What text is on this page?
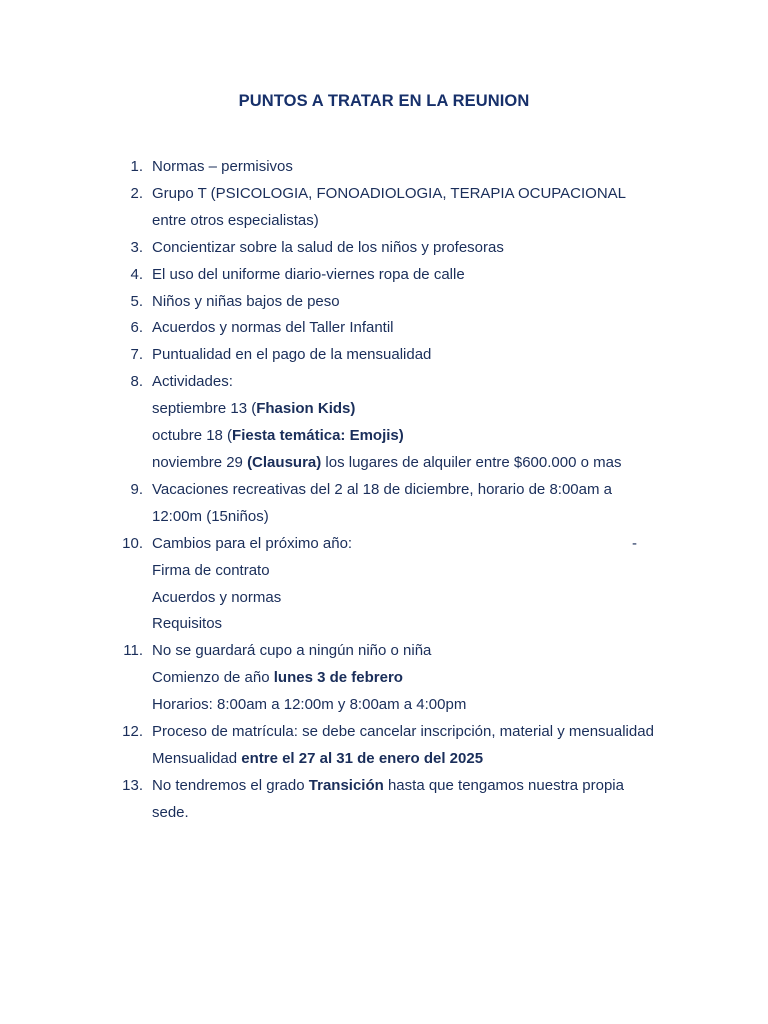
PUNTOS A TRATAR EN LA REUNION
1. Normas – permisivos
2. Grupo T (PSICOLOGIA, FONOADIOLOGIA, TERAPIA OCUPACIONAL
entre otros especialistas)
3. Concientizar sobre la salud de los niños y profesoras
4. El uso del uniforme diario-viernes ropa de calle
5. Niños y niñas bajos de peso
6. Acuerdos y normas del Taller Infantil
7. Puntualidad en el pago de la mensualidad
8. Actividades:
septiembre 13 (Fhasion Kids)
octubre 18 (Fiesta temática: Emojis)
noviembre 29 (Clausura) los lugares de alquiler entre $600.000 o mas
9. Vacaciones recreativas del 2 al 18 de diciembre, horario de 8:00am a
12:00m (15niños)
10. Cambios para el próximo año:	-
Firma de contrato
Acuerdos y normas
Requisitos
11. No se guardará cupo a ningún niño o niña
Comienzo de año lunes 3 de febrero
Horarios: 8:00am a 12:00m y 8:00am a 4:00pm
12. Proceso de matrícula: se debe cancelar inscripción, material y mensualidad
Mensualidad entre el 27 al 31 de enero del 2025
13. No tendremos el grado Transición hasta que tengamos nuestra propia
sede.
